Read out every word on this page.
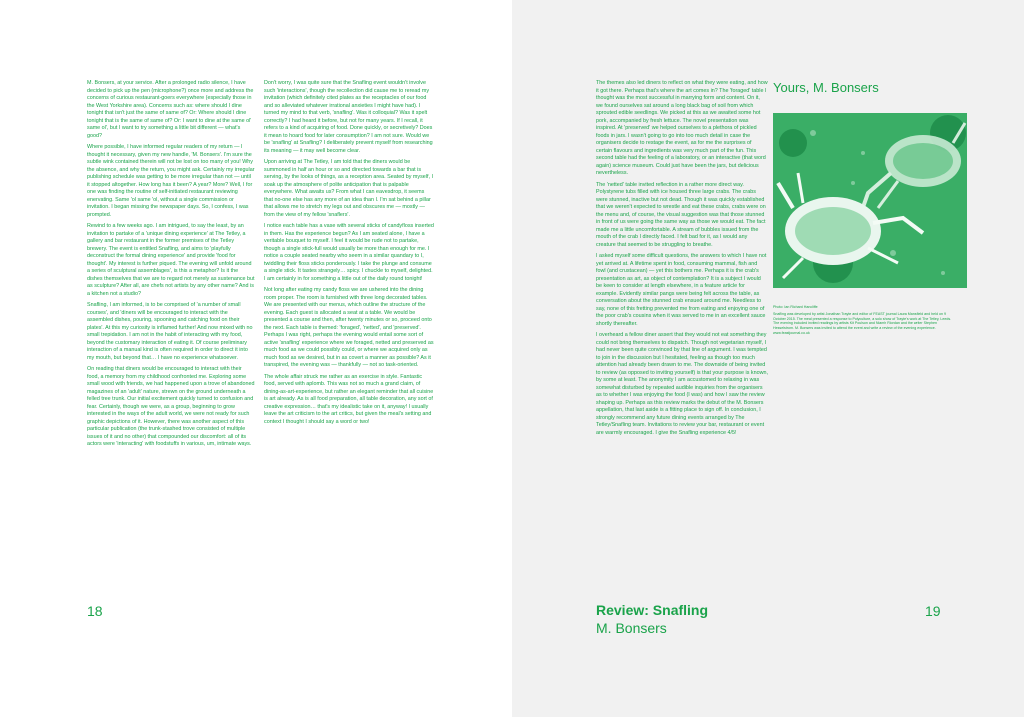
M. Bonsers, at your service. After a prolonged radio silence, I have decided to pick up the pen (microphone?) once more and address the concerns of curious restaurant-goers everywhere (especially those in the West Yorkshire area). Concerns such as: where should I dine tonight that isn't just the same of same of? Or: Where should I dine tonight that is the same of same of? Or: I want to dine at the same ol' same ol', but I want to try something a little bit different — what's good?

Where possible, I have informed regular readers of my return — I thought it necessary, given my new handle, 'M. Bonsers'. I'm sure the subtle wink contained therein will not be lost on too many of you! Why the absence, and why the return, you might ask. Certainly my irregular publishing schedule was getting to be more irregular than not — until it stopped altogether. How long has it been? A year? More? Well, I for one was finding the routine of self-initiated restaurant reviewing enervating. Same 'ol same 'ol, without a single commission or invitation. I began missing the newspaper days. So, I confess, I was prompted.

Rewind to a few weeks ago. I am intrigued, to say the least, by an invitation to partake of a 'unique dining experience' at The Tetley, a gallery and bar restaurant in the former premises of the Tetley brewery. The event is entitled Snafling, and aims to 'playfully deconstruct the formal dining experience' and provide 'food for thought'. My interest is further piqued. The evening will unfold around a series of sculptural assemblages', is this a metaphor? Is it the dishes themselves that we are to regard not merely as sustenance but as sculpture? After all, are chefs not artists by any other name? And is a kitchen not a studio?

Snafling, I am informed, is to be comprised of 'a number of small courses', and 'diners will be encouraged to interact with the assembled dishes, pouring, spooning and catching food on their plates'. At this my curiosity is inflamed further! And now mixed with no small trepidation. I am not in the habit of interacting with my food, beyond the customary interaction of eating it. Of course preliminary interaction of a manual kind is often required in order to direct it into my mouth, but beyond that… I have no experience whatsoever.

On reading that diners would be encouraged to interact with their food, a memory from my childhood confronted me. Exploring some small wood with friends, we had happened upon a trove of abandoned magazines of an 'adult' nature, strewn on the ground underneath a felled tree trunk. Our initial excitement quickly turned to confusion and fear. Certainly, though we were, as a group, beginning to grow interested in the ways of the adult world, we were not ready for such graphic depictions of it. However, there was another aspect of this particular publication (the trunk-stashed trove consisted of multiple issues of it and no other) that compounded our discomfort: all of its actors were 'interacting' with foodstuffs in various, um, intimate ways.

Don't worry, I was quite sure that the Snafling event wouldn't involve such 'interactions', though the recollection did cause me to reread my invitation (which definitely cited plates as the receptacles of our food and so alleviated whatever irrational anxieties I might have had). I turned my mind to that verb, 'snafling'. Was it colloquial? Was it spelt correctly? I had heard it before, but not for many years. If I recall, it refers to a kind of acquiring of food. Done quickly, or secretively? Does it mean to hoard food for later consumption? I am not sure. Would we be 'snafling' at Snafling? I deliberately prevent myself from researching its meaning — it may well become clear.

Upon arriving at The Tetley, I am told that the diners would be summoned in half an hour or so and directed towards a bar that is serving, by the looks of things, as a reception area. Seated by myself, I soak up the atmosphere of polite anticipation that is palpable everywhere. What awaits us? From what I can eavesdrop, it seems that no-one else has any more of an idea than I. I'm sat behind a pillar that allows me to stretch my legs out and obscures me — mostly — from the view of my fellow 'snaflers'.

I notice each table has a vase with several sticks of candyfloss inserted in them. Has the experience begun? As I am seated alone, I have a veritable bouquet to myself. I feel it would be rude not to partake, though a single stick-full would usually be more than enough for me. I notice a couple seated nearby who seem in a similar quandary to I, twiddling their floss sticks ponderously. I take the plunge and consume a single stick. It tastes strangely… spicy. I chuckle to myself, delighted. I am certainly in for something a little out of the daily round tonight!

Not long after eating my candy floss we are ushered into the dining room proper. The room is furnished with three long decorated tables. We are presented with our menus, which outline the structure of the evening. Each guest is allocated a seat at a table. We would be presented a course and then, after twenty minutes or so, proceed onto the next. Each table is themed: 'foraged', 'netted', and 'preserved'. Perhaps I was right, perhaps the evening would entail some sort of active 'snafling' experience where we foraged, netted and preserved as much food as we could possibly could, or where we acquired only as much food as we desired, but in as covert a manner as possible? As it transpired, the evening was — thankfully — not so task-oriented.

The whole affair struck me rather as an exercise in style. Fantastic food, served with aplomb. This was not so much a grand claim, of dining-as-art-experience, but rather an elegant reminder that all cuisine is art already. As is all food preparation, all table decoration, any sort of creative expression… that's my idealistic take on it, anyway! I usually leave the art criticism to the art critics, but given the meal's setting and context I thought I should say a word or two!

18

The themes also led diners to reflect on what they were eating, and how it got there. Perhaps that's where the art comes in? The 'foraged' table I thought was the most successful in marrying form and content. On it, we found ourselves sat around a long black bag of soil from which sprouted edible seedlings. We picked at this as we awaited some hot pork, accompanied by fresh lettuce. The novel presentation was inspired. At 'preserved' we helped ourselves to a plethora of pickled foods in jars. I wasn't going to go into too much detail in case the organisers decide to restage the event, as for me the surprises of certain flavours and ingredients was very much part of the fun. This second table had the feeling of a laboratory, or an interactive (that word again) science museum. Could just have been the jars, but delicious nevertheless.

The 'netted' table invited reflection in a rather more direct way. Polystyrene tubs filled with ice housed three large crabs. The crabs were stunned, inactive but not dead. Though it was quickly established that we weren't expected to wrestle and eat these crabs, crabs were on the menu and, of course, the visual suggestion was that those stunned in front of us were going the same way as those we would eat. The fact made me a little uncomfortable. A stream of bubbles issued from the mouth of the crab I directly faced. I felt bad for it, as I would any creature that seemed to be struggling to breathe.

I asked myself some difficult questions, the answers to which I have not yet arrived at. A lifetime spent in food, consuming mammal, fish and fowl (and crustacean) — yet this bothers me. Perhaps it is the crab's presentation as art, as object of contemplation? It is a subject I would be keen to consider at length elsewhere, in a feature article for example. Evidently similar pangs were being felt across the table, as conversation about the stunned crab ensued around me. Needless to say, none of this fretting prevented me from eating and enjoying one of the poor crab's cousins when it was served to me in an excellent sauce shortly thereafter.

I overheard a fellow diner assert that they would not eat something they could not bring themselves to dispatch. Though not vegetarian myself, I had never been quite convinced by that line of argument. I was tempted to join in the discussion but I hesitated, feeling as though too much attention had already been drawn to me. The downside of being invited to review (as opposed to inviting yourself) is that your purpose is known, by some at least. The anonymity I am accustomed to relaxing in was somewhat disturbed by repeated audible inquiries from the organisers as to whether I was enjoying the food (I was) and how I saw the review shaping up. Perhaps as this review marks the debut of the M. Bonsers appellation, that last aside is a fitting place to sign off. In conclusion, I strongly recommend any future dining events arranged by The Tetley/Snafling team. Invitations to review your bar, restaurant or event are warmly encouraged. I give the Snafling experience 4/5!

Yours, M. Bonsers
Photo: Ian Richard Hancliffe
Snafling was developed by artist Jonathan Trayte and editor of FEAST journal Laura Mansfield and held on 9 October 2015. The meal presented a response to Polyculture, a solo show of Trayte's work at The Tetley, Leeds. The evening included invited readings by artists Kit Poulson and Niamh Riordan and the writer Stephen Hesselstrom. M. Bonsers was invited to attend the event and write a review of the evening experience. www.feastjournal.co.uk
Review: Snafling
M. Bonsers
19
